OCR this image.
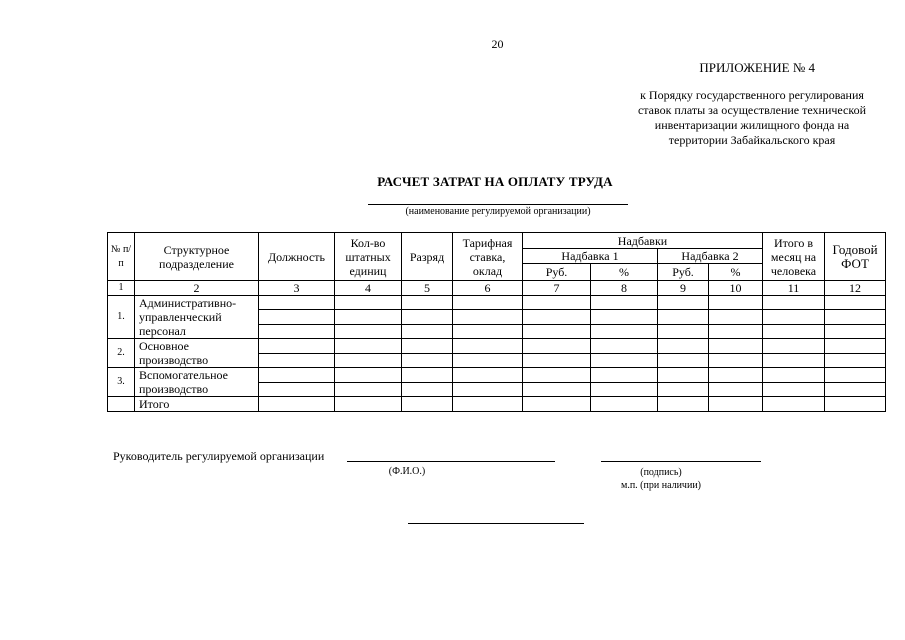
20
ПРИЛОЖЕНИЕ № 4
к Порядку государственного регулирования ставок платы за осуществление технической инвентаризации жилищного фонда на территории Забайкальского края
РАСЧЕТ ЗАТРАТ НА ОПЛАТУ ТРУДА
(наименование регулируемой организации)
№ п/п	Структурное подразделение	Должность	Кол-во штатных единиц	Разряд	Тарифная ставка, оклад	Надбавки				Итого в месяц на человека	Годовой ФОТ
						Надбавка 1		Надбавка 2			
						Руб.	%	Руб.	%		
1	2	3	4	5	6	7	8	9	10	11	12
1.	Административно-управленческий персонал										

2.	Основное производство										

3.	Вспомогательное производство										

	Итого										
Руководитель регулируемой организации
(Ф.И.О.)	(подпись)
м.п. (при наличии)
